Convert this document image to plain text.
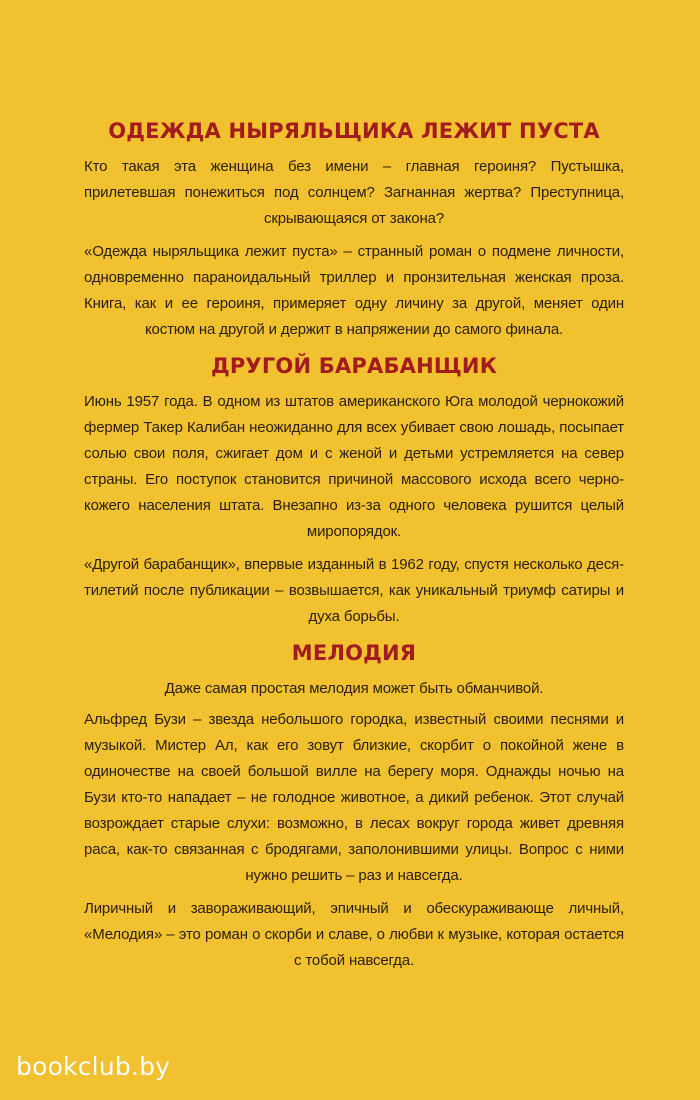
ОДЕЖДА НЫРЯЛЬЩИКА ЛЕЖИТ ПУСТА

Кто такая эта женщина без имени – главная героиня? Пустышка, прилетевшая понежиться под солнцем? Загнанная жертва? Преступница, скрывающаяся от закона?

«Одежда ныряльщика лежит пуста» – странный роман о подмене личности, одновременно параноидальный триллер и пронзительная женская проза. Книга, как и ее героиня, примеряет одну личину за другой, меняет один костюм на другой и держит в напряжении до самого финала.

ДРУГОЙ БАРАБАНЩИК

Июнь 1957 года. В одном из штатов американского Юга молодой чернокожий фермер Такер Калибан неожиданно для всех убивает свою лошадь, посыпает солью свои поля, сжигает дом и с женой и детьми устремляется на север страны. Его поступок становится причиной массового исхода всего черно-кожего населения штата. Внезапно из-за одного человека рушится целый миропорядок.

«Другой барабанщик», впервые изданный в 1962 году, спустя несколько деся-тилетий после публикации – возвышается, как уникальный триумф сатиры и духа борьбы.

МЕЛОДИЯ

Даже самая простая мелодия может быть обманчивой.

Альфред Бузи – звезда небольшого городка, известный своими песнями и музыкой. Мистер Ал, как его зовут близкие, скорбит о покойной жене в одиночестве на своей большой вилле на берегу моря. Однажды ночью на Бузи кто-то нападает – не голодное животное, а дикий ребенок. Этот случай возрождает старые слухи: возможно, в лесах вокруг города живет древняя раса, как-то связанная с бродягами, заполонившими улицы. Вопрос с ними нужно решить – раз и навсегда.

Лиричный и завораживающий, эпичный и обескураживающе личный, «Мелодия» – это роман о скорби и славе, о любви к музыке, которая остается с тобой навсегда.

bookclub.by
